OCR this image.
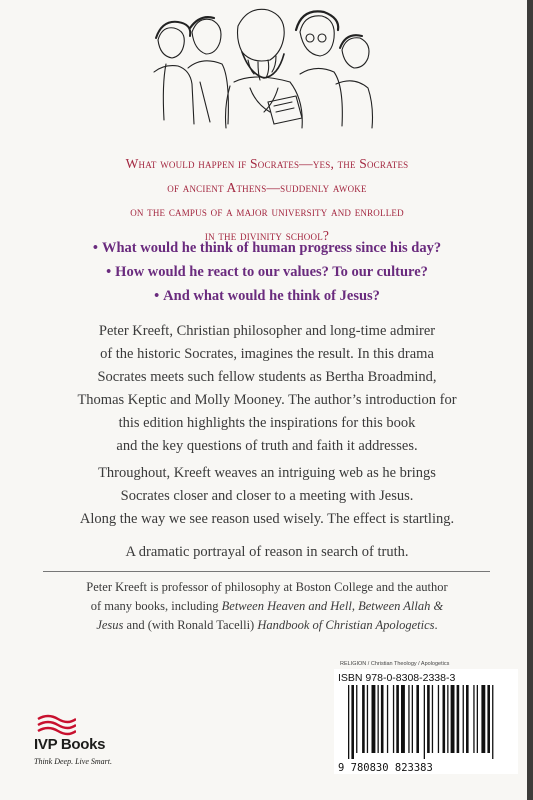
What would happen if Socrates—yes, the Socrates
of ancient Athens—suddenly awoke
on the campus of a major university and enrolled
in the divinity school?
• What would he think of human progress since his day?
• How would he react to our values? To our culture?
• And what would he think of Jesus?
Peter Kreeft, Christian philosopher and long-time admirer
of the historic Socrates, imagines the result. In this drama
Socrates meets such fellow students as Bertha Broadmind,
Thomas Keptic and Molly Mooney. The author’s introduction for
this edition highlights the inspirations for this book
and the key questions of truth and faith it addresses.
Throughout, Kreeft weaves an intriguing web as he brings
Socrates closer and closer to a meeting with Jesus.
Along the way we see reason used wisely. The effect is startling.
A dramatic portrayal of reason in search of truth.
Peter Kreeft is professor of philosophy at Boston College and the author
of many books, including Between Heaven and Hell, Between Allah &
Jesus and (with Ronald Tacelli) Handbook of Christian Apologetics.
IVP Books
Think Deep. Live Smart.
RELIGION / Christian Theology / Apologetics
ISBN 978-0-8308-2338-3
9 780830 823383
